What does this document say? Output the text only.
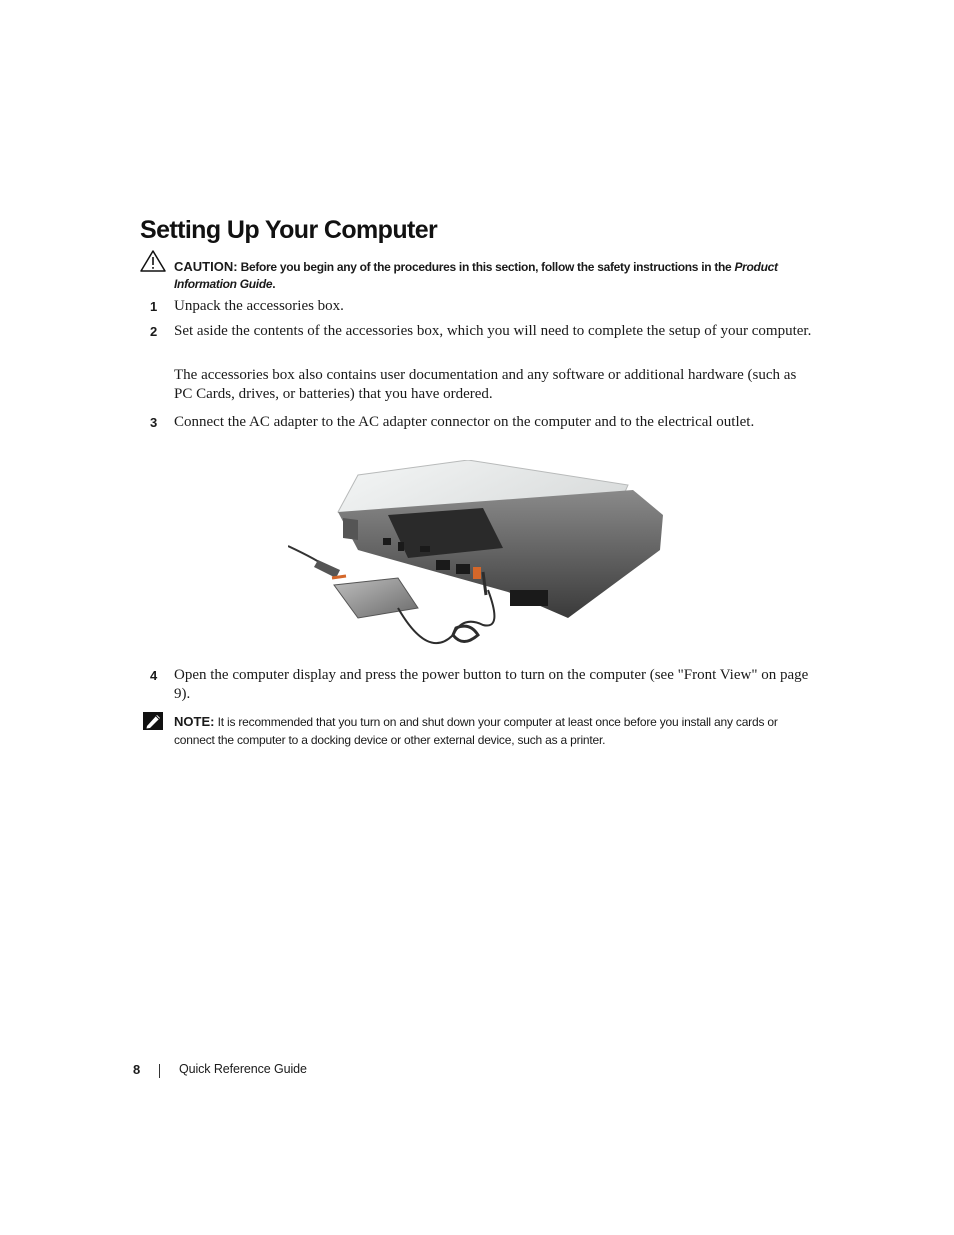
Setting Up Your Computer
CAUTION: Before you begin any of the procedures in this section, follow the safety instructions in the Product Information Guide.
1 Unpack the accessories box.
2 Set aside the contents of the accessories box, which you will need to complete the setup of your computer.
The accessories box also contains user documentation and any software or additional hardware (such as PC Cards, drives, or batteries) that you have ordered.
3 Connect the AC adapter to the AC adapter connector on the computer and to the electrical outlet.
4 Open the computer display and press the power button to turn on the computer (see "Front View" on page 9).
NOTE: It is recommended that you turn on and shut down your computer at least once before you install any cards or connect the computer to a docking device or other external device, such as a printer.
8	Quick Reference Guide
